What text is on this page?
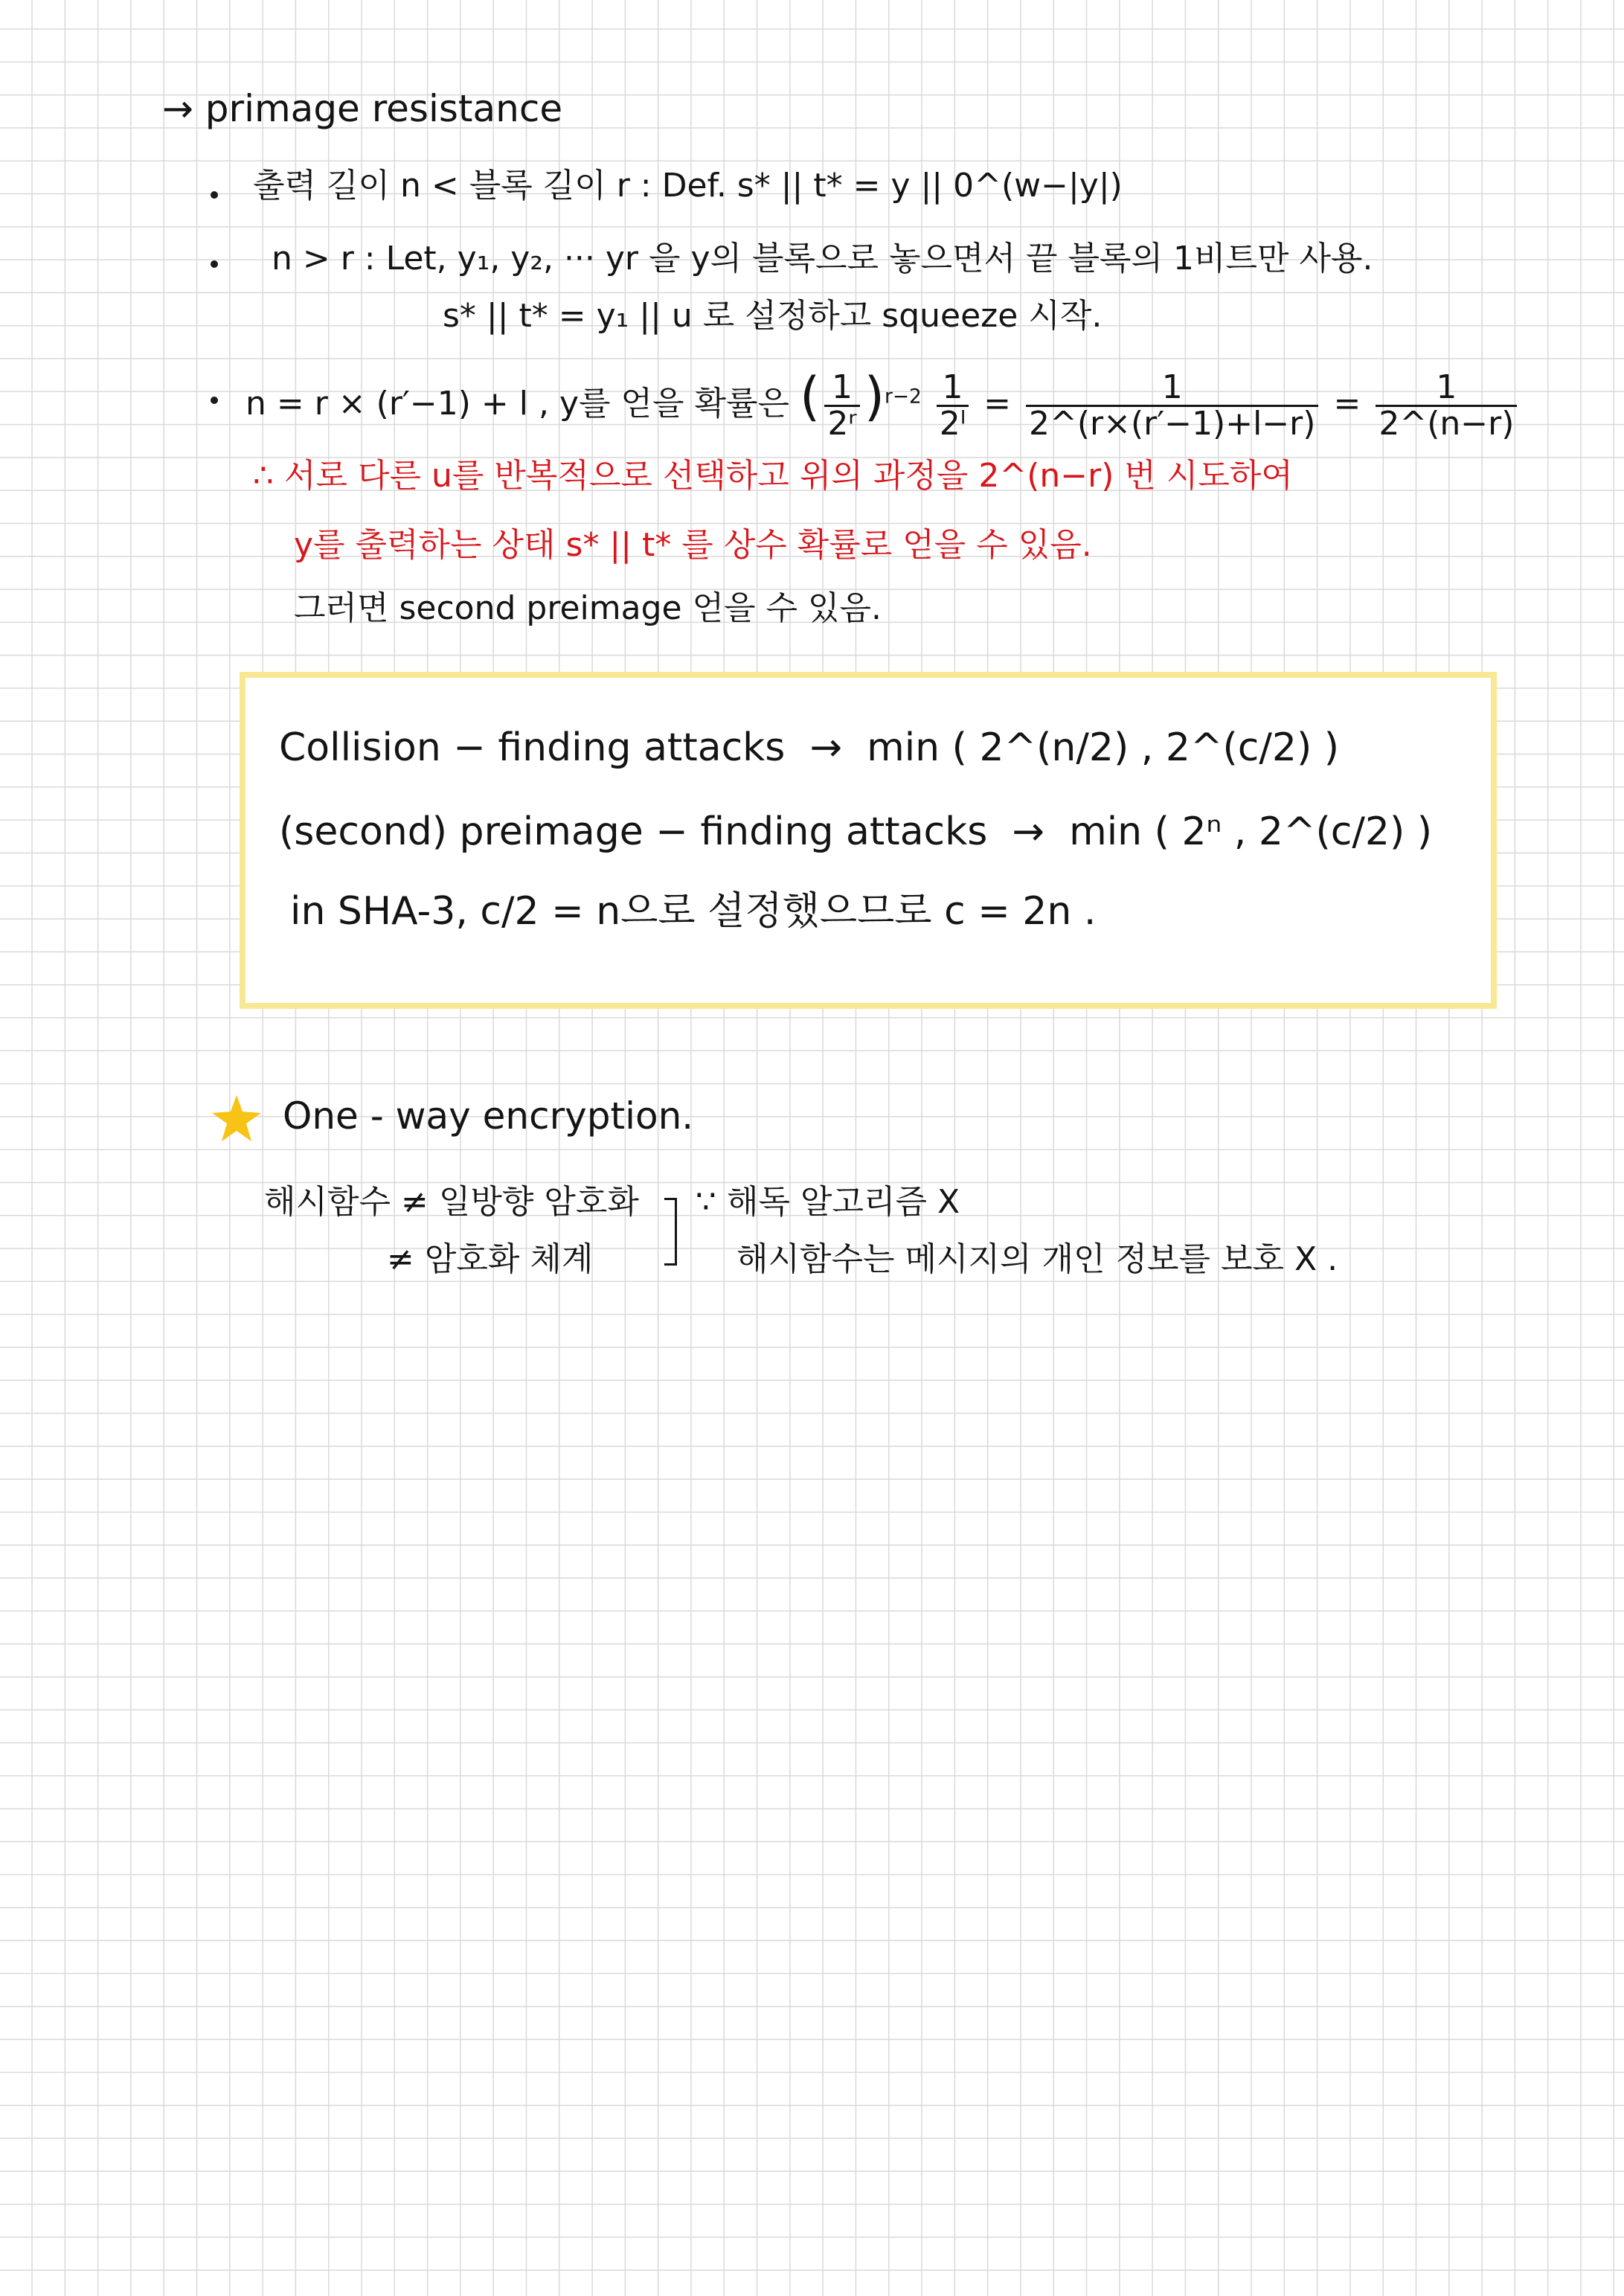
→ primage resistance
출력 길이 n < 블록 길이 r : Def. s* || t* = y || 0^(w−|y|)
n > r : Let, y₁, y₂, ··· yr 을 y의 블록으로 놓으면서 끝 블록의 1비트만 사용.
s* || t* = y₁ || u 로 설정하고 squeeze 시작.
n = r × (r′−1) + l , y를 얻을 확률은 ( $\frac{1}{\text{2ʳ}} )^{r-2} \frac{1}{\text{2ˡ}} = \frac{1}{2\^{}(r\times(r'-1)+l-r)} = \frac{1}{2\^{}(n-r)}$
∴ 서로 다른 u를 반복적으로 선택하고 위의 과정을 2^(n−r) 번 시도하여
y를 출력하는 상태 s* || t* 를 상수 확률로 얻을 수 있음.
그러면 second preimage 얻을 수 있음.
Collision − finding attacks → min ( 2^(n/2) , 2^(c/2) )
(second) preimage − finding attacks → min ( 2ⁿ , 2^(c/2) )
in SHA-3, c/2 = n으로 설정했으므로 c = 2n .
One - way encryption.
해시함수 ≠ 일방향 암호화
≠ 암호화 체계
∵ 해독 알고리즘 X
해시함수는 메시지의 개인 정보를 보호 X .
